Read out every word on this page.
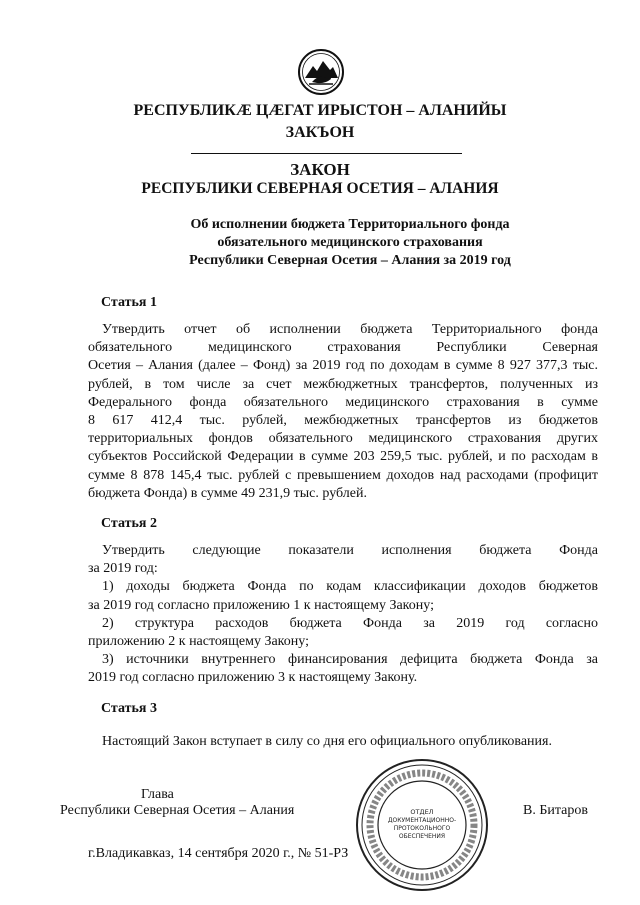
РЕСПУБЛИКӔ ЦӔГАТ ИРЫСТОН – АЛАНИЙЫ
ЗАКЪОН
ЗАКОН
РЕСПУБЛИКИ СЕВЕРНАЯ ОСЕТИЯ – АЛАНИЯ
Об исполнении бюджета Территориального фонда
обязательного медицинского страхования
Республики Северная Осетия – Алания за 2019 год
Статья 1
Утвердить отчет об исполнении бюджета Территориального фонда
обязательного медицинского страхования Республики Северная
Осетия – Алания (далее – Фонд) за 2019 год по доходам в сумме 8 927 377,3 тыс.
рублей, в том числе за счет межбюджетных трансфертов, полученных из
Федерального фонда обязательного медицинского страхования в сумме
8 617 412,4 тыс. рублей, межбюджетных трансфертов из бюджетов
территориальных фондов обязательного медицинского страхования других
субъектов Российской Федерации в сумме 203 259,5 тыс. рублей, и по расходам в
сумме 8 878 145,4 тыс. рублей с превышением доходов над расходами (профицит
бюджета Фонда) в сумме 49 231,9 тыс. рублей.
Статья 2
Утвердить следующие показатели исполнения бюджета Фонда
за 2019 год:
1) доходы бюджета Фонда по кодам классификации доходов бюджетов
за 2019 год согласно приложению 1 к настоящему Закону;
2) структура расходов бюджета Фонда за 2019 год согласно
приложению 2 к настоящему Закону;
3) источники внутреннего финансирования дефицита бюджета Фонда за
2019 год согласно приложению 3 к настоящему Закону.
Статья 3
Настоящий Закон вступает в силу со дня его официального опубликования.
Глава
Республики Северная Осетия – Алания	В. Битаров
ОТДЕЛ
ДОКУМЕНТАЦИОННО-
ПРОТОКОЛЬНОГО
ОБЕСПЕЧЕНИЯ
г.Владикавказ, 14 сентября 2020 г., № 51-РЗ
